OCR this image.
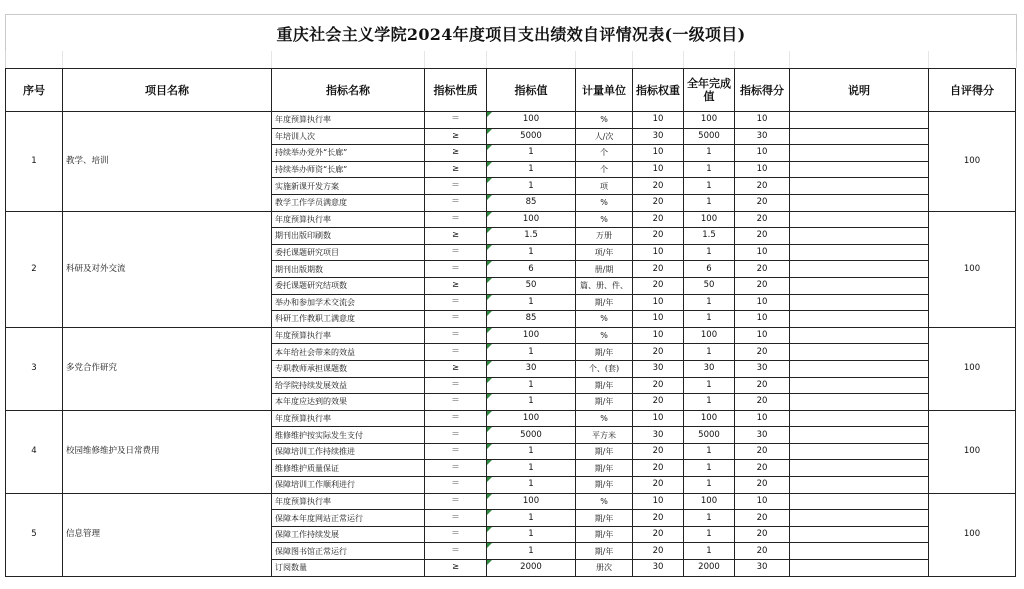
重庆社会主义学院2024年度项目支出绩效自评情况表(一级项目)
序号	项目名称	指标名称	指标性质	指标值	计量单位	指标权重	全年完成值	指标得分	说明	自评得分
1	教学、培训	年度预算执行率	＝	100	%	10	100	10		100
		年培训人次	≥	5000	人/次	30	5000	30		
		持续举办党外“长廊”	≥	1	个	10	1	10		
		持续举办师资“长廊”	≥	1	个	10	1	10		
		实施新课开发方案	＝	1	项	20	1	20		
		教学工作学员满意度	＝	85	%	20	1	20		
2	科研及对外交流	年度预算执行率	＝	100	%	20	100	20		100
		期刊出版印刷数	≥	1.5	万册	20	1.5	20		
		委托课题研究项目	＝	1	项/年	10	1	10		
		期刊出版期数	＝	6	册/期	20	6	20		
		委托课题研究结项数	≥	50	篇、册、件、	20	50	20		
		举办和参加学术交流会	＝	1	期/年	10	1	10		
		科研工作教职工满意度	＝	85	%	10	1	10		
3	多党合作研究	年度预算执行率	＝	100	%	10	100	10		100
		本年给社会带来的效益	＝	1	期/年	20	1	20		
		专职教师承担课题数	≥	30	个、(套)	30	30	30		
		给学院持续发展效益	＝	1	期/年	20	1	20		
		本年度应达到的效果	＝	1	期/年	20	1	20		
4	校园维修维护及日常费用	年度预算执行率	＝	100	%	10	100	10		100
		维修维护按实际发生支付	＝	5000	平方米	30	5000	30		
		保障培训工作持续推进	＝	1	期/年	20	1	20		
		维修维护质量保证	＝	1	期/年	20	1	20		
		保障培训工作顺利进行	＝	1	期/年	20	1	20		
5	信息管理	年度预算执行率	＝	100	%	10	100	10		100
		保障本年度网站正常运行	＝	1	期/年	20	1	20		
		保障工作持续发展	＝	1	期/年	20	1	20		
		保障图书馆正常运行	＝	1	期/年	20	1	20		
		订阅数量	≥	2000	册次	30	2000	30		
